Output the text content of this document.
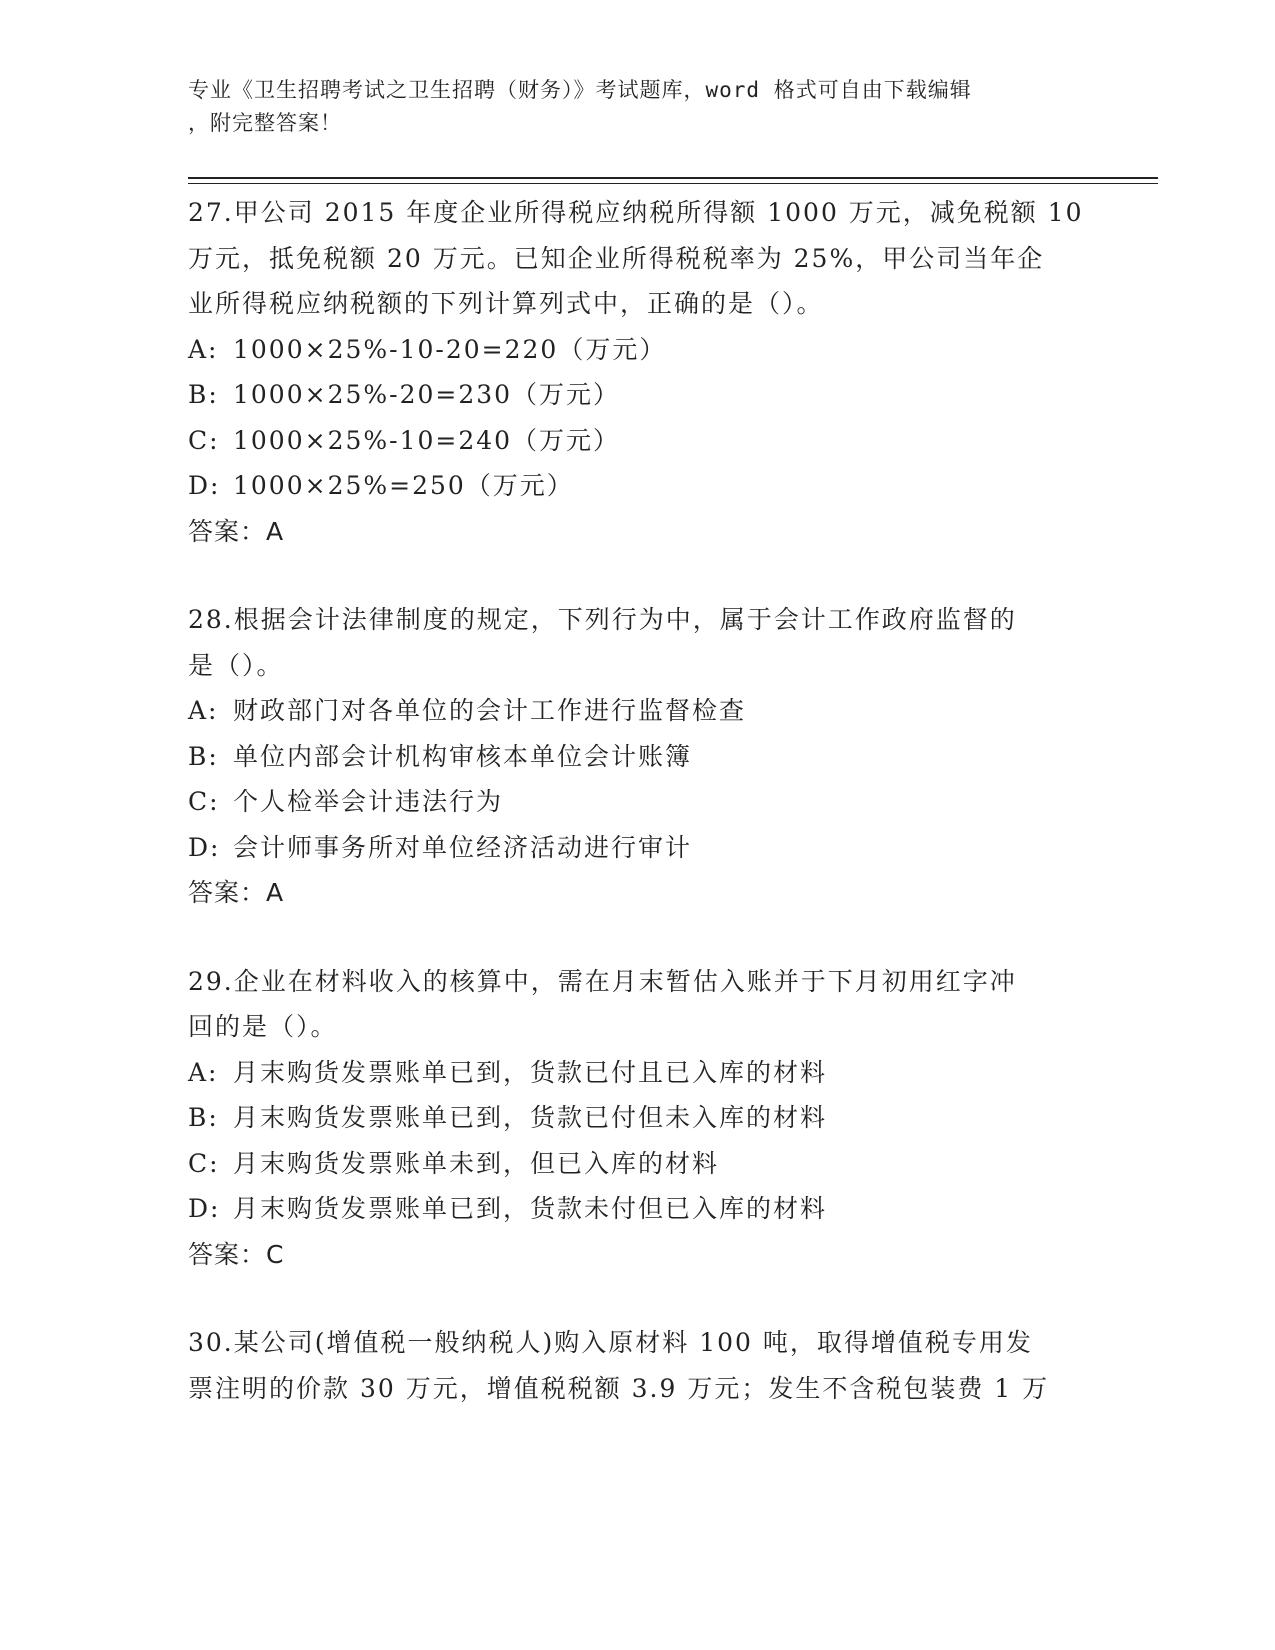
专业《卫生招聘考试之卫生招聘（财务）》考试题库，word 格式可自由下载编辑
，附完整答案！
27.甲公司 2015 年度企业所得税应纳税所得额 1000 万元，减免税额 10
万元，抵免税额 20 万元。已知企业所得税税率为 25%，甲公司当年企
业所得税应纳税额的下列计算列式中，正确的是（）。
A: 1000×25%-10-20=220（万元）
B: 1000×25%-20=230（万元）
C: 1000×25%-10=240（万元）
D: 1000×25%=250（万元）
答案：A
28.根据会计法律制度的规定，下列行为中，属于会计工作政府监督的
是（）。
A: 财政部门对各单位的会计工作进行监督检查
B: 单位内部会计机构审核本单位会计账簿
C: 个人检举会计违法行为
D: 会计师事务所对单位经济活动进行审计
答案：A
29.企业在材料收入的核算中，需在月末暂估入账并于下月初用红字冲
回的是（）。
A: 月末购货发票账单已到，货款已付且已入库的材料
B: 月末购货发票账单已到，货款已付但未入库的材料
C: 月末购货发票账单未到，但已入库的材料
D: 月末购货发票账单已到，货款未付但已入库的材料
答案：C
30.某公司(增值税一般纳税人)购入原材料 100 吨，取得增值税专用发
票注明的价款 30 万元，增值税税额 3.9 万元；发生不含税包装费 1 万
